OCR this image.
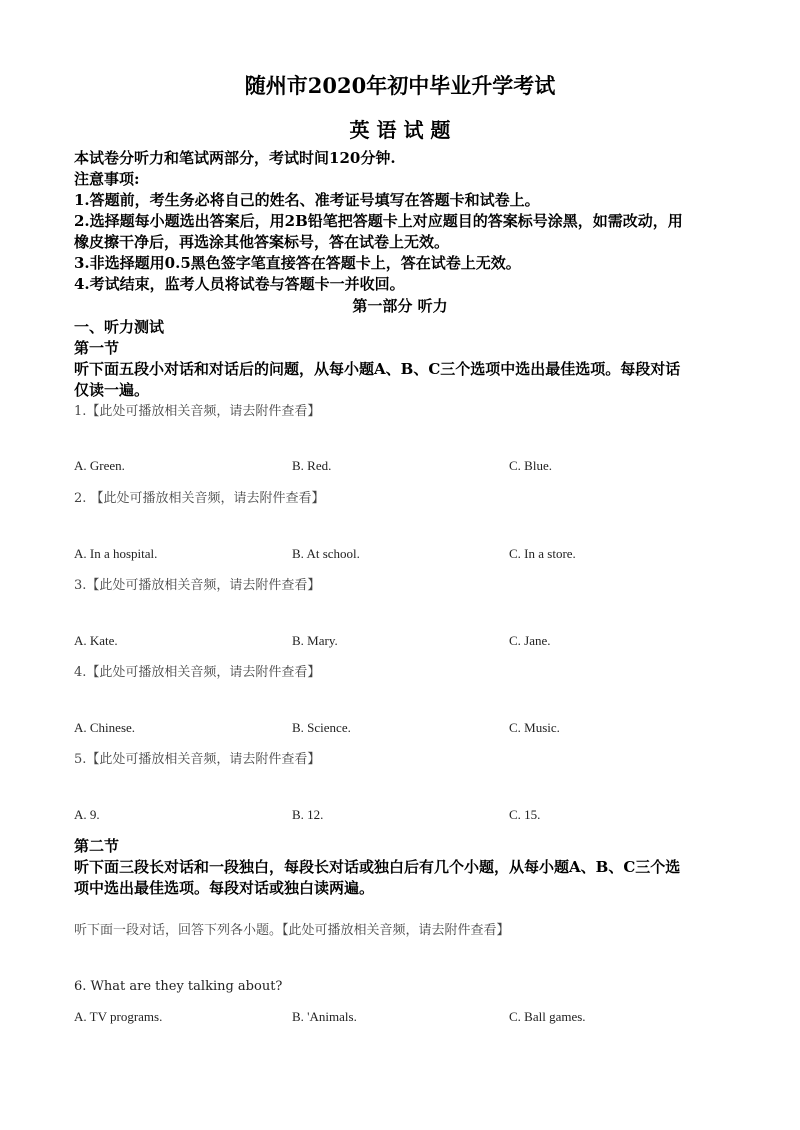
随州市2020年初中毕业升学考试
英 语 试 题
本试卷分听力和笔试两部分，考试时间120分钟.
注意事项:
1.答题前，考生务必将自己的姓名、准考证号填写在答题卡和试卷上。
2.选择题每小题选出答案后，用2B铅笔把答题卡上对应题目的答案标号涂黑，如需改动，用
橡皮擦干净后，再选涂其他答案标号，答在试卷上无效。
3.非选择题用0.5黑色签字笔直接答在答题卡上，答在试卷上无效。
4.考试结束，监考人员将试卷与答题卡一并收回。
第一部分 听力
一、听力测试
第一节
听下面五段小对话和对话后的问题，从每小题A、B、C三个选项中选出最佳选项。每段对话
仅读一遍。
1.【此处可播放相关音频，请去附件查看】
A. Green.	B. Red.	C. Blue.
2. 【此处可播放相关音频，请去附件查看】
A. In a hospital.	B. At school.	C. In a store.
3.【此处可播放相关音频，请去附件查看】
A. Kate.	B. Mary.	C. Jane.
4.【此处可播放相关音频，请去附件查看】
A. Chinese.	B. Science.	C. Music.
5.【此处可播放相关音频，请去附件查看】
A. 9.	B. 12.	C. 15.
第二节
听下面三段长对话和一段独白，每段长对话或独白后有几个小题，从每小题A、B、C三个选
项中选出最佳选项。每段对话或独白读两遍。
听下面一段对话，回答下列各小题。【此处可播放相关音频，请去附件查看】
6. What are they talking about?
A. TV programs.	B. 'Animals.	C. Ball games.
